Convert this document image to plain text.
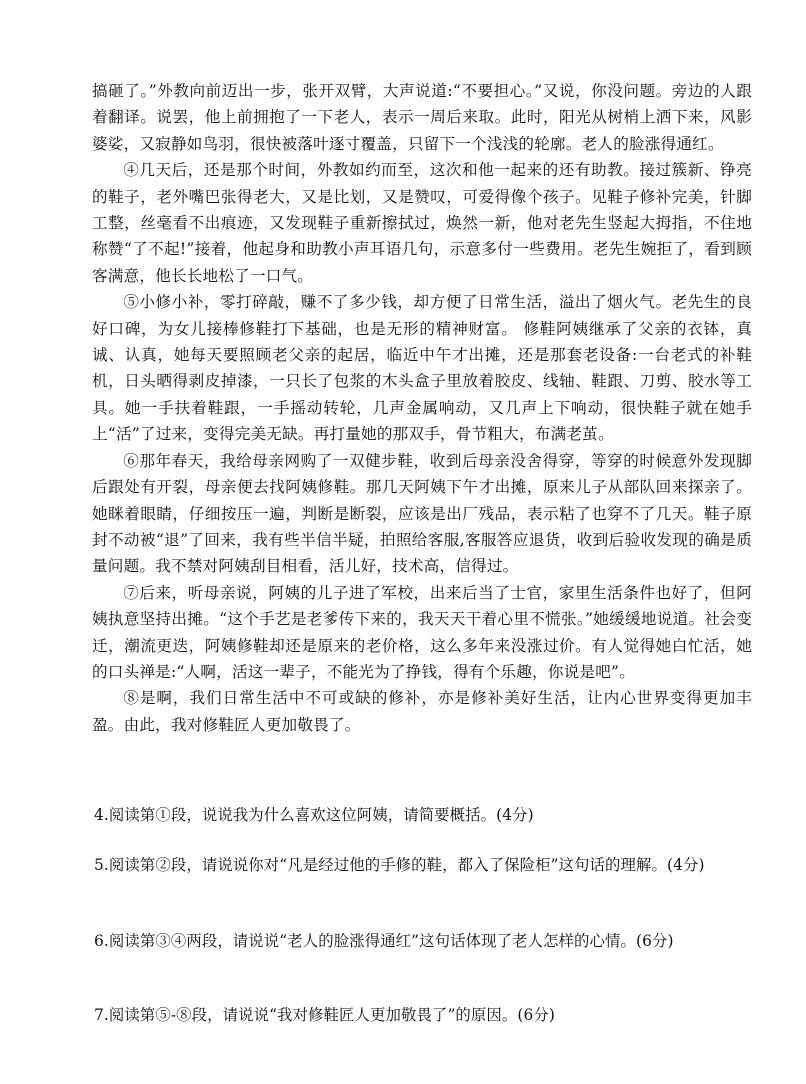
搞砸了。”外教向前迈出一步，张开双臂，大声说道:“不要担心。”又说，你没问题。旁边的人跟着翻译。说罢，他上前拥抱了一下老人，表示一周后来取。此时，阳光从树梢上洒下来，风影婆娑，又寂静如鸟羽，很快被落叶逐寸覆盖，只留下一个浅浅的轮廓。老人的脸涨得通红。

④几天后，还是那个时间，外教如约而至，这次和他一起来的还有助教。接过簇新、铮亮的鞋子，老外嘴巴张得老大，又是比划，又是赞叹，可爱得像个孩子。见鞋子修补完美，针脚工整，丝毫看不出痕迹，又发现鞋子重新擦拭过，焕然一新，他对老先生竖起大拇指，不住地称赞“了不起!”接着，他起身和助教小声耳语几句，示意多付一些费用。老先生婉拒了，看到顾客满意，他长长地松了一口气。

⑤小修小补，零打碎敲，赚不了多少钱，却方便了日常生活，溢出了烟火气。老先生的良好口碑，为女儿接棒修鞋打下基础，也是无形的精神财富。 修鞋阿姨继承了父亲的衣钵，真诚、认真，她每天要照顾老父亲的起居，临近中午才出摊，还是那套老设备:一台老式的补鞋机，日头晒得剥皮掉漆，一只长了包浆的木头盒子里放着胶皮、线轴、鞋跟、刀剪、胶水等工具。她一手扶着鞋跟，一手摇动转轮，几声金属响动，又几声上下响动，很快鞋子就在她手上“活”了过来，变得完美无缺。再打量她的那双手，骨节粗大，布满老茧。

⑥那年春天，我给母亲网购了一双健步鞋，收到后母亲没舍得穿，等穿的时候意外发现脚后跟处有开裂，母亲便去找阿姨修鞋。那几天阿姨下午才出摊，原来儿子从部队回来探亲了。她眯着眼睛，仔细按压一遍，判断是断裂，应该是出厂残品，表示粘了也穿不了几天。鞋子原封不动被“退”了回来，我有些半信半疑，拍照给客服,客服答应退货，收到后验收发现的确是质量问题。我不禁对阿姨刮目相看，活儿好，技术高，信得过。

⑦后来，听母亲说，阿姨的儿子进了军校，出来后当了士官，家里生活条件也好了，但阿姨执意坚持出摊。“这个手艺是老爹传下来的，我天天干着心里不慌张。”她缓缓地说道。社会变迁，潮流更迭，阿姨修鞋却还是原来的老价格，这么多年来没涨过价。有人觉得她白忙活，她的口头禅是:“人啊，活这一辈子，不能光为了挣钱，得有个乐趣，你说是吧”。

⑧是啊，我们日常生活中不可或缺的修补，亦是修补美好生活，让内心世界变得更加丰盈。由此，我对修鞋匠人更加敬畏了。

4.阅读第①段，说说我为什么喜欢这位阿姨，请简要概括。(4分)

5.阅读第②段，请说说你对“凡是经过他的手修的鞋，都入了保险柜”这句话的理解。(4分)

6.阅读第③④两段，请说说“老人的脸涨得通红”这句话体现了老人怎样的心情。(6分)

7.阅读第⑤-⑧段，请说说“我对修鞋匠人更加敬畏了”的原因。(6分)
